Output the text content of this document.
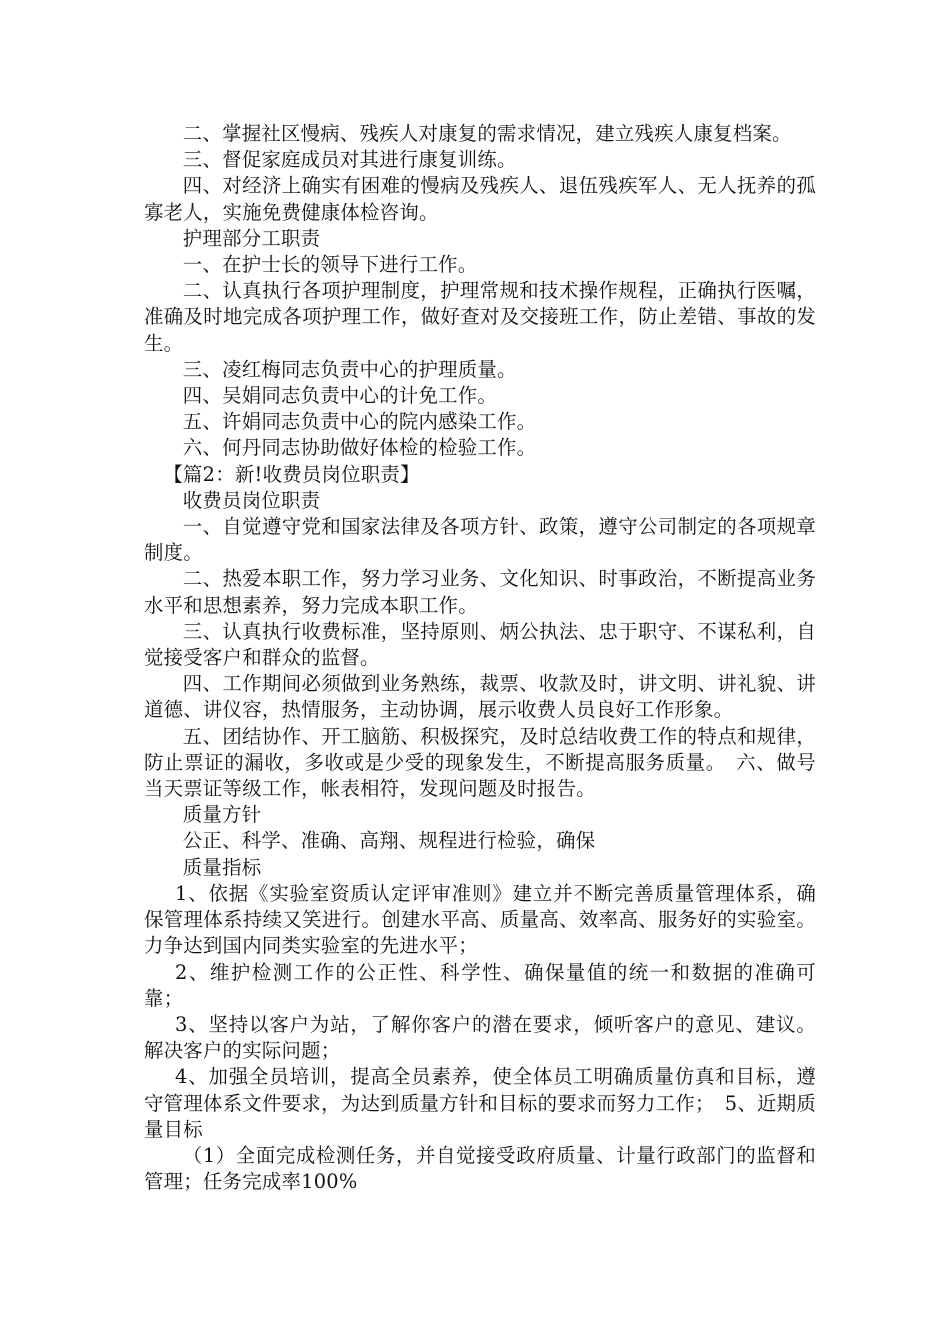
二、掌握社区慢病、残疾人对康复的需求情况，建立残疾人康复档案。

三、督促家庭成员对其进行康复训练。

四、对经济上确实有困难的慢病及残疾人、退伍残疾军人、无人抚养的孤寡老人，实施免费健康体检咨询。

护理部分工职责

一、在护士长的领导下进行工作。

二、认真执行各项护理制度，护理常规和技术操作规程，正确执行医嘱，准确及时地完成各项护理工作，做好查对及交接班工作，防止差错、事故的发生。

三、凌红梅同志负责中心的护理质量。

四、吴娟同志负责中心的计免工作。

五、许娟同志负责中心的院内感染工作。

六、何丹同志协助做好体检的检验工作。

【篇2：新!收费员岗位职责】

收费员岗位职责

一、自觉遵守党和国家法律及各项方针、政策，遵守公司制定的各项规章制度。

二、热爱本职工作，努力学习业务、文化知识、时事政治，不断提高业务水平和思想素养，努力完成本职工作。

三、认真执行收费标准，坚持原则、炳公执法、忠于职守、不谋私利，自觉接受客户和群众的监督。

四、工作期间必须做到业务熟练，裁票、收款及时，讲文明、讲礼貌、讲道德、讲仪容，热情服务，主动协调，展示收费人员良好工作形象。

五、团结协作、开工脑筋、积极探究，及时总结收费工作的特点和规律，防止票证的漏收，多收或是少受的现象发生，不断提高服务质量。　六、做号当天票证等级工作，帐表相符，发现问题及时报告。

质量方针

公正、科学、准确、高翔、规程进行检验，确保

质量指标

1、依据《实验室资质认定评审准则》建立并不断完善质量管理体系，确保管理体系持续又笑进行。创建水平高、质量高、效率高、服务好的实验室。力争达到国内同类实验室的先进水平；

2、维护检测工作的公正性、科学性、确保量值的统一和数据的准确可靠；

3、坚持以客户为站，了解你客户的潜在要求，倾听客户的意见、建议。解决客户的实际问题；

4、加强全员培训，提高全员素养，使全体员工明确质量仿真和目标，遵守管理体系文件要求，为达到质量方针和目标的要求而努力工作；　5、近期质量目标

（1）全面完成检测任务，并自觉接受政府质量、计量行政部门的监督和管理；任务完成率100%
